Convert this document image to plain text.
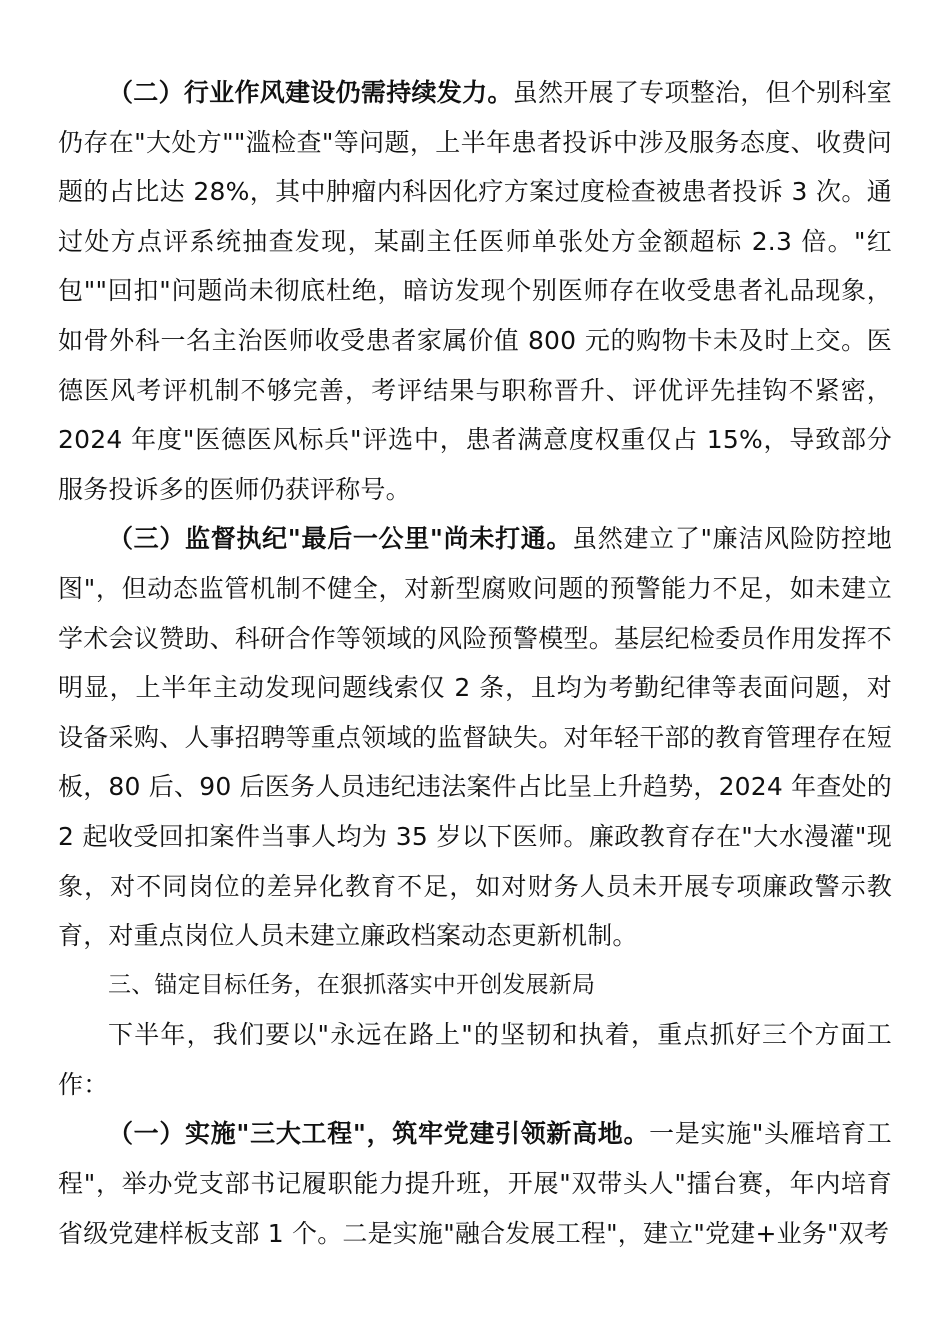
（二）行业作风建设仍需持续发力。虽然开展了专项整治，但个别科室仍存在"大处方""滥检查"等问题，上半年患者投诉中涉及服务态度、收费问题的占比达 28%，其中肿瘤内科因化疗方案过度检查被患者投诉 3 次。通过处方点评系统抽查发现，某副主任医师单张处方金额超标 2.3 倍。"红包""回扣"问题尚未彻底杜绝，暗访发现个别医师存在收受患者礼品现象，如骨外科一名主治医师收受患者家属价值 800 元的购物卡未及时上交。医德医风考评机制不够完善，考评结果与职称晋升、评优评先挂钩不紧密，2024 年度"医德医风标兵"评选中，患者满意度权重仅占 15%，导致部分服务投诉多的医师仍获评称号。

（三）监督执纪"最后一公里"尚未打通。虽然建立了"廉洁风险防控地图"，但动态监管机制不健全，对新型腐败问题的预警能力不足，如未建立学术会议赞助、科研合作等领域的风险预警模型。基层纪检委员作用发挥不明显，上半年主动发现问题线索仅 2 条，且均为考勤纪律等表面问题，对设备采购、人事招聘等重点领域的监督缺失。对年轻干部的教育管理存在短板，80 后、90 后医务人员违纪违法案件占比呈上升趋势，2024 年查处的 2 起收受回扣案件当事人均为 35 岁以下医师。廉政教育存在"大水漫灌"现象，对不同岗位的差异化教育不足，如对财务人员未开展专项廉政警示教育，对重点岗位人员未建立廉政档案动态更新机制。

三、锚定目标任务，在狠抓落实中开创发展新局

下半年，我们要以"永远在路上"的坚韧和执着，重点抓好三个方面工作：

（一）实施"三大工程"，筑牢党建引领新高地。一是实施"头雁培育工程"，举办党支部书记履职能力提升班，开展"双带头人"擂台赛，年内培育省级党建样板支部 1 个。二是实施"融合发展工程"，建立"党建+业务"双考
